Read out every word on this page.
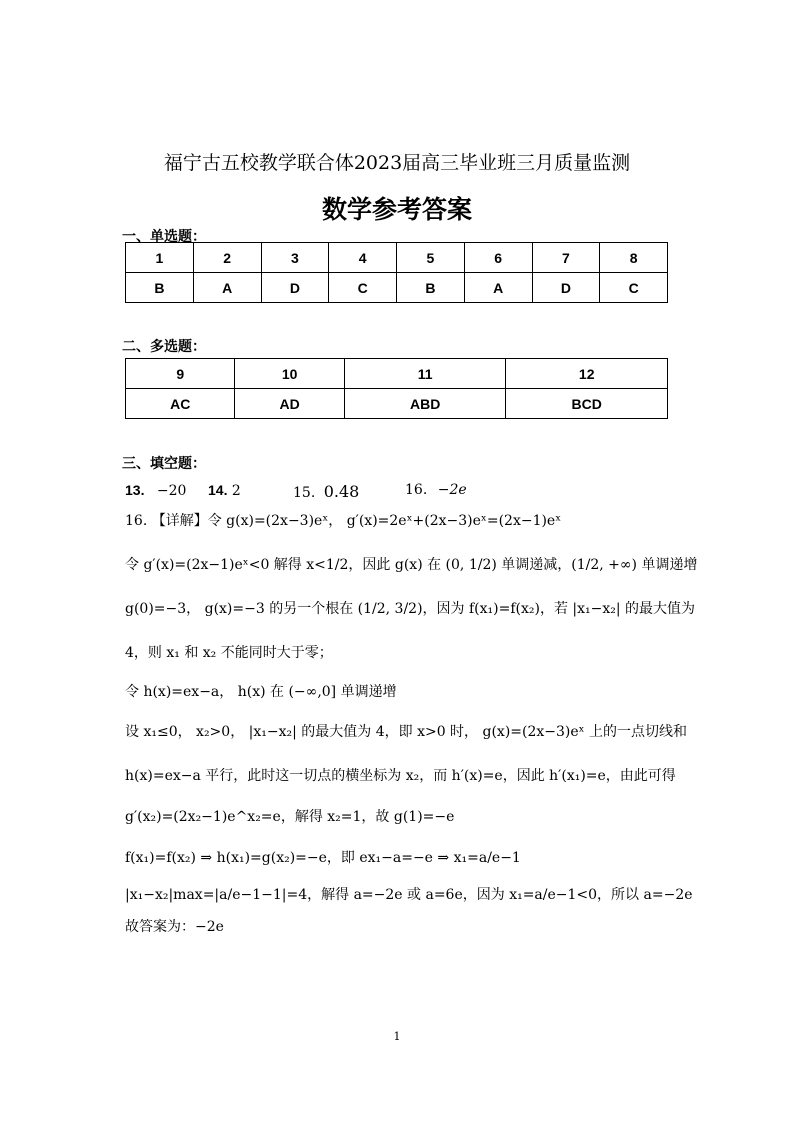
福宁古五校教学联合体2023届高三毕业班三月质量监测
数学参考答案
一、单选题：
1	2	3	4	5	6	7	8
B	A	D	C	B	A	D	C
二、多选题：
9	10	11	12
AC	AD	ABD	BCD
三、填空题：
13. −20 14. 2	15. 0.48	16. −2e
16. 【详解】令 g(x)=(2x−3)eˣ， g′(x)=2eˣ+(2x−3)eˣ=(2x−1)eˣ
令 g′(x)=(2x−1)eˣ<0 解得 x<1/2，因此 g(x) 在 (0, 1/2) 单调递减，(1/2, +∞) 单调递增
g(0)=−3， g(x)=−3 的另一个根在 (1/2, 3/2)，因为 f(x₁)=f(x₂)，若 |x₁−x₂| 的最大值为
4，则 x₁ 和 x₂ 不能同时大于零；
令 h(x)=ex−a， h(x) 在 (−∞,0] 单调递增
设 x₁≤0， x₂>0， |x₁−x₂| 的最大值为 4，即 x>0 时， g(x)=(2x−3)eˣ 上的一点切线和
h(x)=ex−a 平行，此时这一切点的横坐标为 x₂，而 h′(x)=e，因此 h′(x₁)=e，由此可得
g′(x₂)=(2x₂−1)e^x₂=e，解得 x₂=1，故 g(1)=−e
f(x₁)=f(x₂) ⇒ h(x₁)=g(x₂)=−e，即 ex₁−a=−e ⇒ x₁=a/e−1
|x₁−x₂|max=|a/e−1−1|=4，解得 a=−2e 或 a=6e，因为 x₁=a/e−1<0，所以 a=−2e
故答案为：−2e
1
